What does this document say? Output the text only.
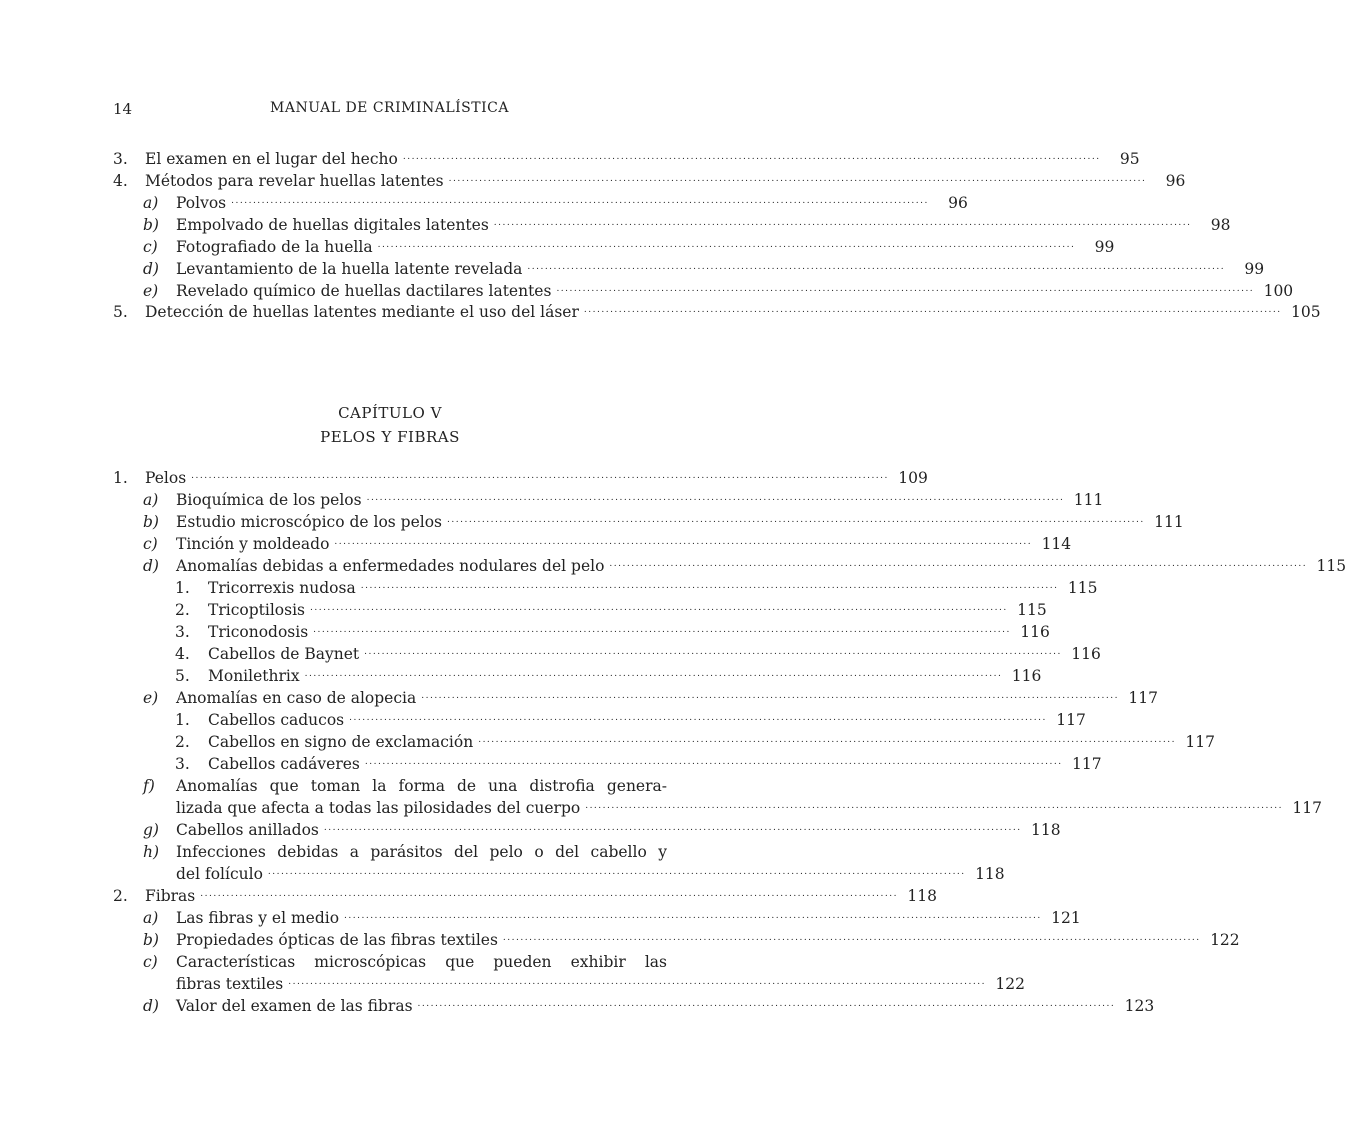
14	MANUAL DE CRIMINALÍSTICA
CAPÍTULO V
PELOS Y FIBRAS
3. El examen en el lugar del hecho ................................................................................................................................................................	95
4. Métodos para revelar huellas latentes ................................................................................................................................................................	96
a) Polvos ................................................................................................................................................................	96
b) Empolvado de huellas digitales latentes ................................................................................................................................................................	98
c) Fotografiado de la huella ................................................................................................................................................................	99
d) Levantamiento de la huella latente revelada ................................................................................................................................................................	99
e) Revelado químico de huellas dactilares latentes ................................................................................................................................................................ 100
5. Detección de huellas latentes mediante el uso del láser ................................................................................................................................................................ 105
1. Pelos ................................................................................................................................................................ 109
a) Bioquímica de los pelos ................................................................................................................................................................ 111
b) Estudio microscópico de los pelos ................................................................................................................................................................ 111
c) Tinción y moldeado ................................................................................................................................................................ 114
d) Anomalías debidas a enfermedades nodulares del pelo ................................................................................................................................................................ 115
1. Tricorrexis nudosa ................................................................................................................................................................ 115
2. Tricoptilosis ................................................................................................................................................................ 115
3. Triconodosis ................................................................................................................................................................ 116
4. Cabellos de Baynet ................................................................................................................................................................ 116
5. Monilethrix ................................................................................................................................................................ 116
e) Anomalías en caso de alopecia ................................................................................................................................................................ 117
1. Cabellos caducos ................................................................................................................................................................ 117
2. Cabellos en signo de exclamación ................................................................................................................................................................ 117
3. Cabellos cadáveres ................................................................................................................................................................ 117
f) Anomalías que toman la forma de una distrofia genera-
lizada que afecta a todas las pilosidades del cuerpo ................................................................................................................................................................ 117
g) Cabellos anillados ................................................................................................................................................................ 118
h) Infecciones debidas a parásitos del pelo o del cabello y
del folículo ................................................................................................................................................................ 118
2. Fibras ................................................................................................................................................................ 118
a) Las fibras y el medio ................................................................................................................................................................ 121
b) Propiedades ópticas de las fibras textiles ................................................................................................................................................................ 122
c) Características microscópicas que pueden exhibir las
fibras textiles ................................................................................................................................................................ 122
d) Valor del examen de las fibras ................................................................................................................................................................ 123
